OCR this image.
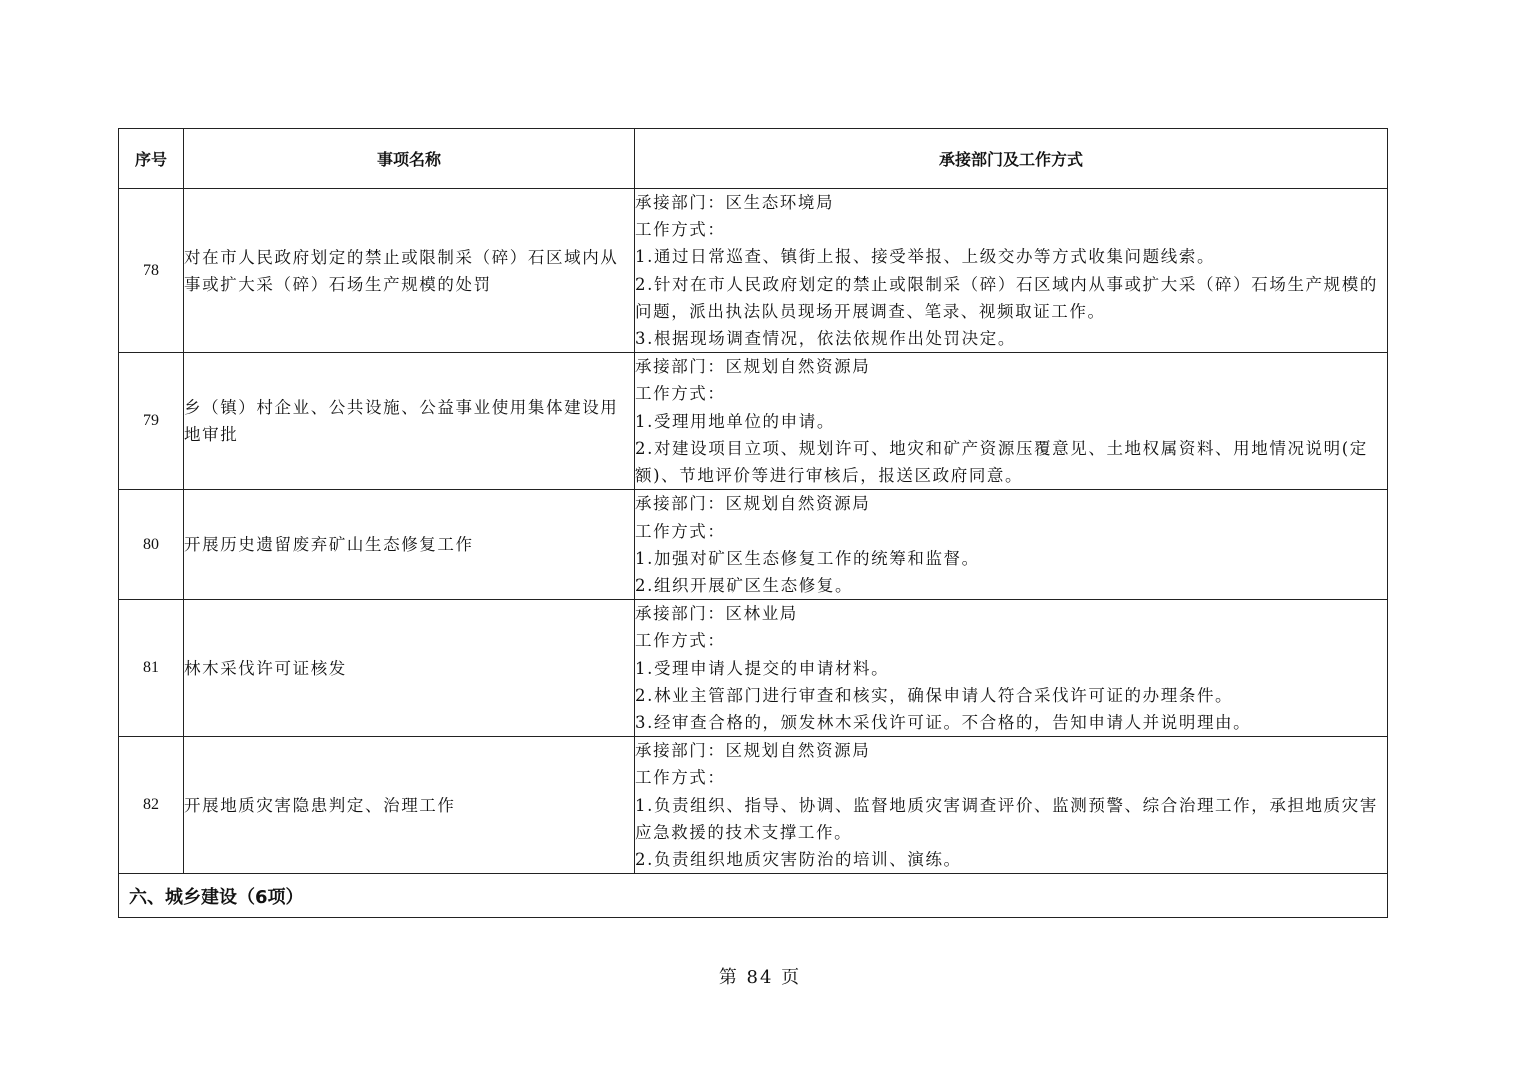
序号	事项名称	承接部门及工作方式
78	对在市人民政府划定的禁止或限制采（碎）石区域内从事或扩大采（碎）石场生产规模的处罚	承接部门：区生态环境局
工作方式：
1.通过日常巡查、镇街上报、接受举报、上级交办等方式收集问题线索。
2.针对在市人民政府划定的禁止或限制采（碎）石区域内从事或扩大采（碎）石场生产规模的问题，派出执法队员现场开展调查、笔录、视频取证工作。
3.根据现场调查情况，依法依规作出处罚决定。

79	乡（镇）村企业、公共设施、公益事业使用集体建设用地审批	承接部门：区规划自然资源局
工作方式：
1.受理用地单位的申请。
2.对建设项目立项、规划许可、地灾和矿产资源压覆意见、土地权属资料、用地情况说明(定额)、节地评价等进行审核后，报送区政府同意。

80	开展历史遗留废弃矿山生态修复工作	承接部门：区规划自然资源局
工作方式：
1.加强对矿区生态修复工作的统筹和监督。
2.组织开展矿区生态修复。

81	林木采伐许可证核发	承接部门：区林业局
工作方式：
1.受理申请人提交的申请材料。
2.林业主管部门进行审查和核实，确保申请人符合采伐许可证的办理条件。
3.经审查合格的，颁发林木采伐许可证。不合格的，告知申请人并说明理由。

82	开展地质灾害隐患判定、治理工作	承接部门：区规划自然资源局
工作方式：
1.负责组织、指导、协调、监督地质灾害调查评价、监测预警、综合治理工作，承担地质灾害应急救援的技术支撑工作。
2.负责组织地质灾害防治的培训、演练。

六、城乡建设（6项）		
第 84 页
